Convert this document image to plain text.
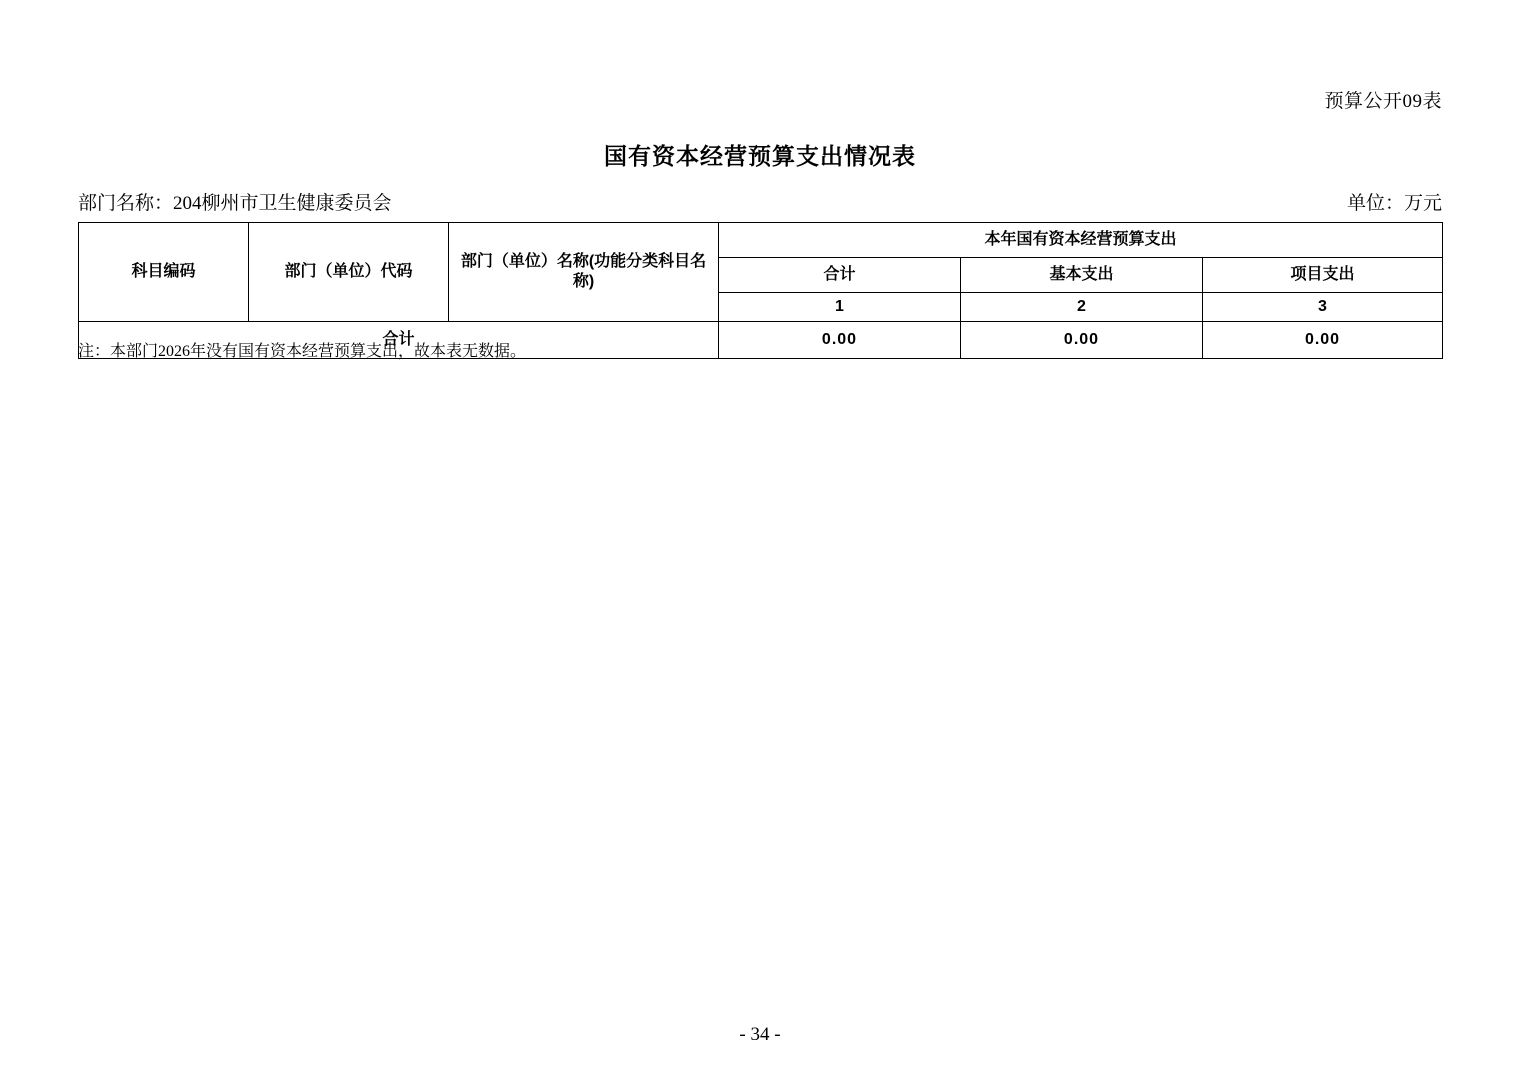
预算公开09表
国有资本经营预算支出情况表
部门名称：204柳州市卫生健康委员会	单位：万元
科目编码	部门（单位）代码	部门（单位）名称(功能分类科目名称)	本年国有资本经营预算支出		
			合计	基本支出	项目支出
			1	2	3
合计			0.00	0.00	0.00
注：本部门2026年没有国有资本经营预算支出，故本表无数据。
- 34 -
